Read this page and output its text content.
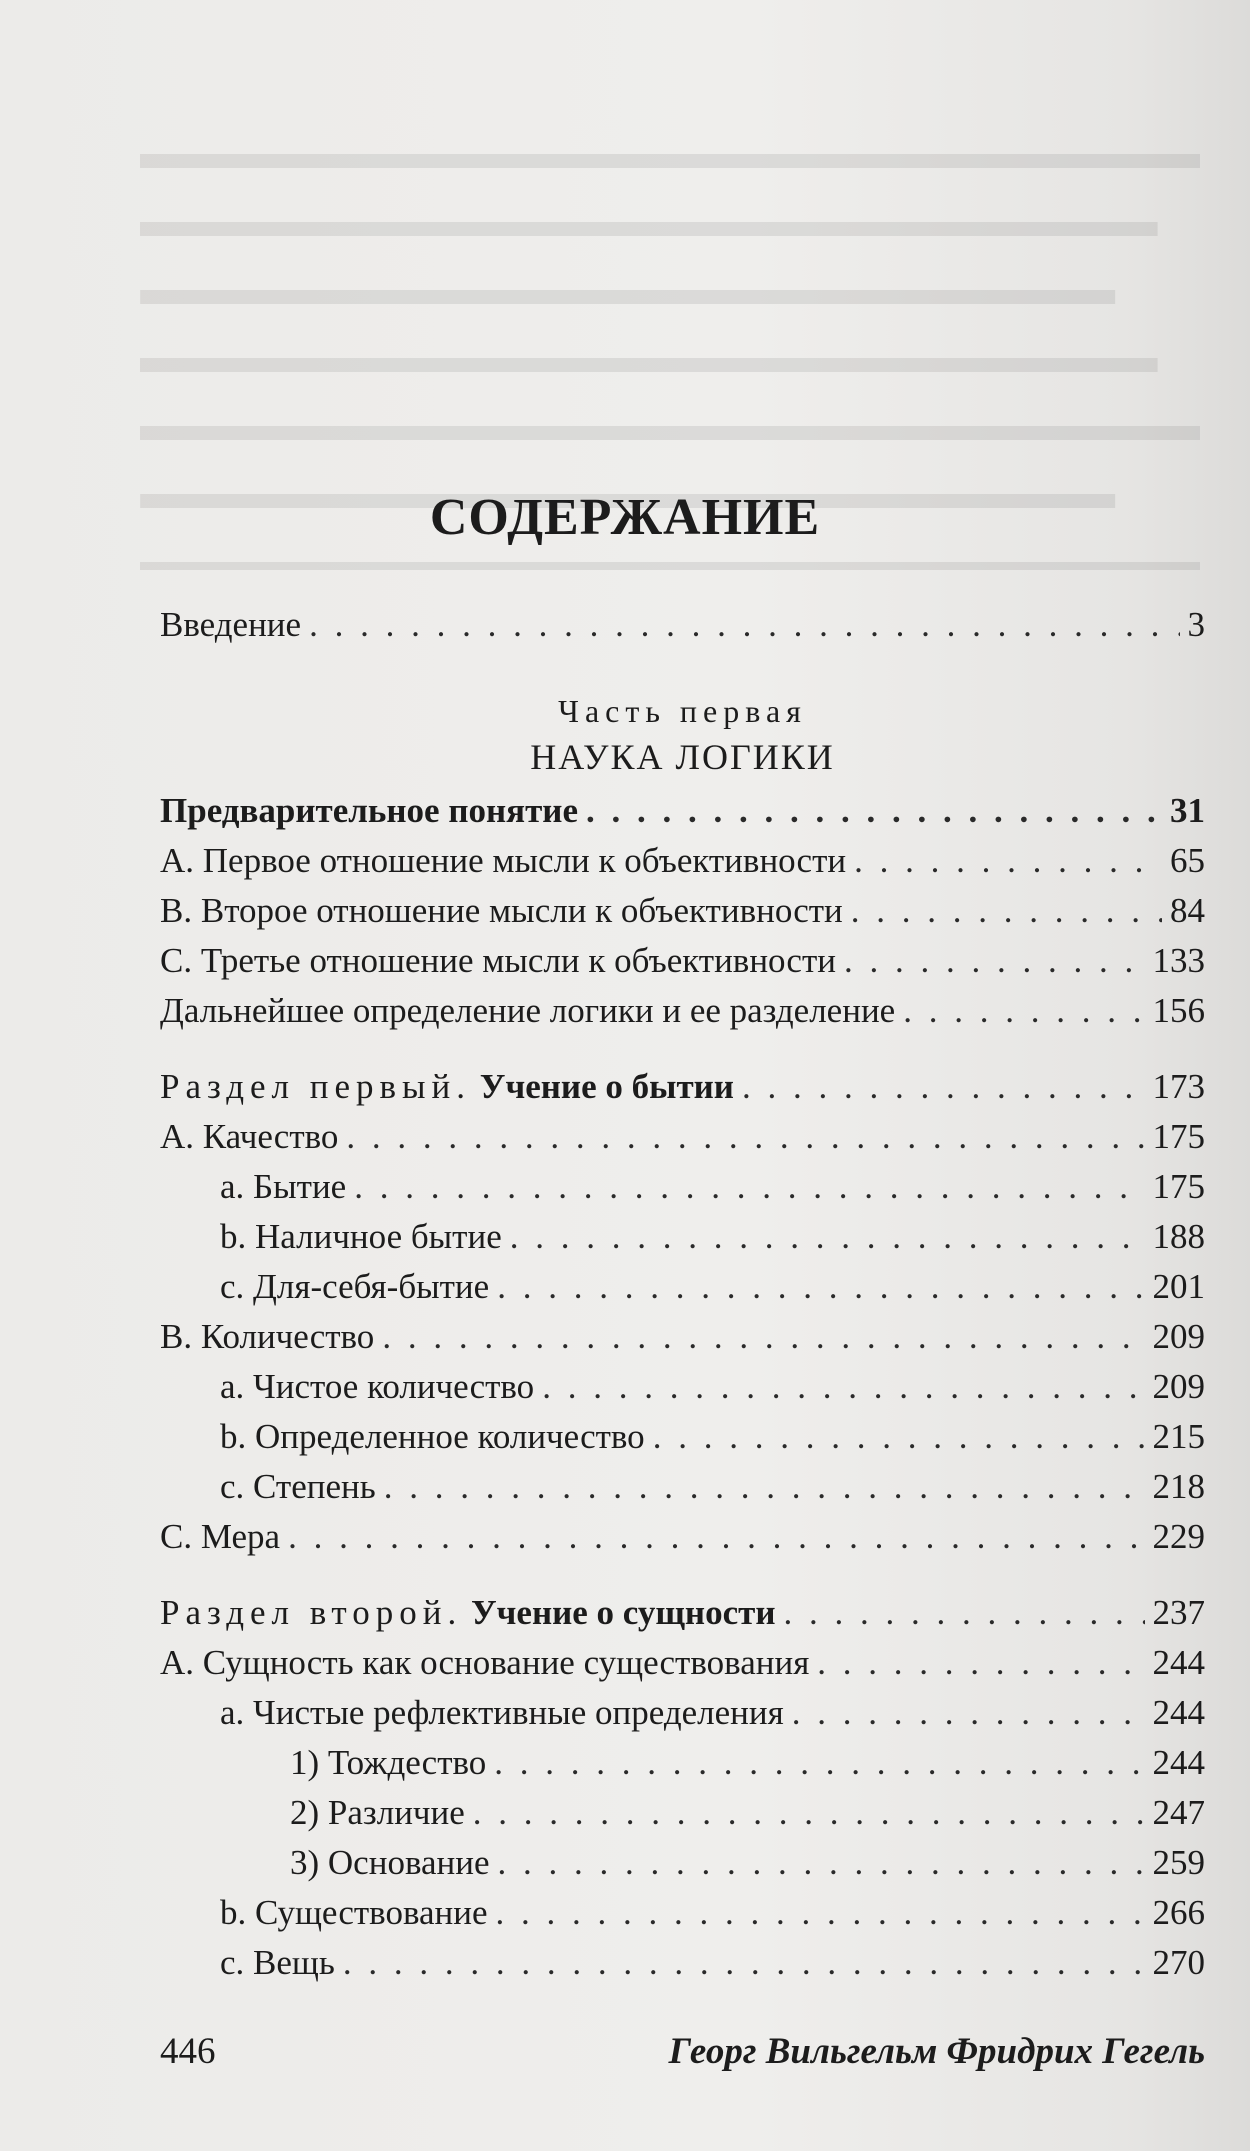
СОДЕРЖАНИЕ
Введение . . .	3
Часть первая
НАУКА ЛОГИКИ
Предварительное понятие . . .	31
A. Первое отношение мысли к объективности . . .	65
B. Второе отношение мысли к объективности . . .	84
C. Третье отношение мысли к объективности . . .	133
Дальнейшее определение логики и ее разделение . . .	156
Раздел первый. Учение о бытии . . .	173
A. Качество . . .	175
a. Бытие . . .	175
b. Наличное бытие . . .	188
c. Для-себя-бытие . . .	201
B. Количество . . .	209
a. Чистое количество . . .	209
b. Определенное количество . . .	215
c. Степень . . .	218
C. Мера . . .	229
Раздел второй. Учение о сущности . . .	237
A. Сущность как основание существования . . .	244
a. Чистые рефлективные определения . . .	244
1) Тождество . . .	244
2) Различие . . .	247
3) Основание . . .	259
b. Существование . . .	266
c. Вещь . . .	270
446	Георг Вильгельм Фридрих Гегель
